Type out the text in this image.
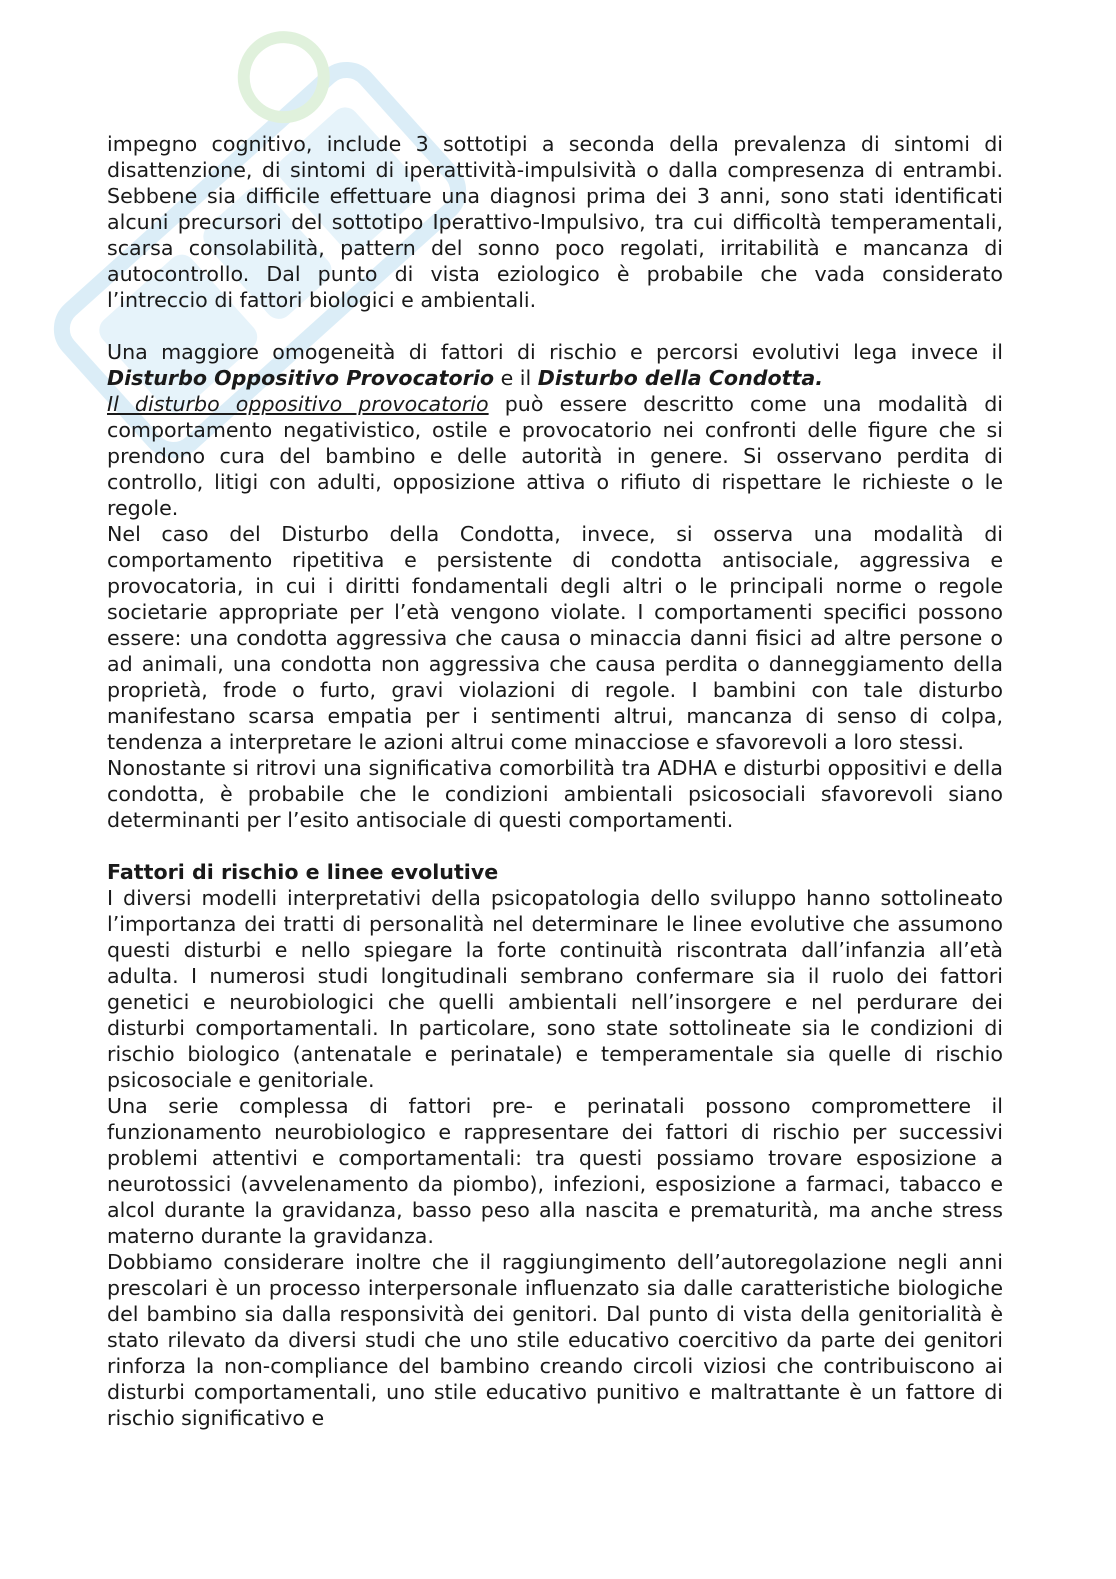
impegno cognitivo, include 3 sottotipi a seconda della prevalenza di sintomi di disattenzione, di sintomi di iperattività-impulsività o dalla compresenza di entrambi. Sebbene sia difficile effettuare una diagnosi prima dei 3 anni, sono stati identificati alcuni precursori del sottotipo Iperattivo-Impulsivo, tra cui difficoltà temperamentali, scarsa consolabilità, pattern del sonno poco regolati, irritabilità e mancanza di autocontrollo. Dal punto di vista eziologico è probabile che vada considerato l’intreccio di fattori biologici e ambientali.

Una maggiore omogeneità di fattori di rischio e percorsi evolutivi lega invece il Disturbo Oppositivo Provocatorio e il Disturbo della Condotta.

Il disturbo oppositivo provocatorio può essere descritto come una modalità di comportamento negativistico, ostile e provocatorio nei confronti delle figure che si prendono cura del bambino e delle autorità in genere. Si osservano perdita di controllo, litigi con adulti, opposizione attiva o rifiuto di rispettare le richieste o le regole.

Nel caso del Disturbo della Condotta, invece, si osserva una modalità di comportamento ripetitiva e persistente di condotta antisociale, aggressiva e provocatoria, in cui i diritti fondamentali degli altri o le principali norme o regole societarie appropriate per l’età vengono violate. I comportamenti specifici possono essere: una condotta aggressiva che causa o minaccia danni fisici ad altre persone o ad animali, una condotta non aggressiva che causa perdita o danneggiamento della proprietà, frode o furto, gravi violazioni di regole. I bambini con tale disturbo manifestano scarsa empatia per i sentimenti altrui, mancanza di senso di colpa, tendenza a interpretare le azioni altrui come minacciose e sfavorevoli a loro stessi.

Nonostante si ritrovi una significativa comorbilità tra ADHA e disturbi oppositivi e della condotta, è probabile che le condizioni ambientali psicosociali sfavorevoli siano determinanti per l’esito antisociale di questi comportamenti.

Fattori di rischio e linee evolutive

I diversi modelli interpretativi della psicopatologia dello sviluppo hanno sottolineato l’importanza dei tratti di personalità nel determinare le linee evolutive che assumono questi disturbi e nello spiegare la forte continuità riscontrata dall’infanzia all’età adulta. I numerosi studi longitudinali sembrano confermare sia il ruolo dei fattori genetici e neurobiologici che quelli ambientali nell’insorgere e nel perdurare dei disturbi comportamentali. In particolare, sono state sottolineate sia le condizioni di rischio biologico (antenatale e perinatale) e temperamentale sia quelle di rischio psicosociale e genitoriale.

Una serie complessa di fattori pre- e perinatali possono compromettere il funzionamento neurobiologico e rappresentare dei fattori di rischio per successivi problemi attentivi e comportamentali: tra questi possiamo trovare esposizione a neurotossici (avvelenamento da piombo), infezioni, esposizione a farmaci, tabacco e alcol durante la gravidanza, basso peso alla nascita e prematurità, ma anche stress materno durante la gravidanza.

Dobbiamo considerare inoltre che il raggiungimento dell’autoregolazione negli anni prescolari è un processo interpersonale influenzato sia dalle caratteristiche biologiche del bambino sia dalla responsività dei genitori. Dal punto di vista della genitorialità è stato rilevato da diversi studi che uno stile educativo coercitivo da parte dei genitori rinforza la non-compliance del bambino creando circoli viziosi che contribuiscono ai disturbi comportamentali, uno stile educativo punitivo e maltrattante è un fattore di rischio significativo e
